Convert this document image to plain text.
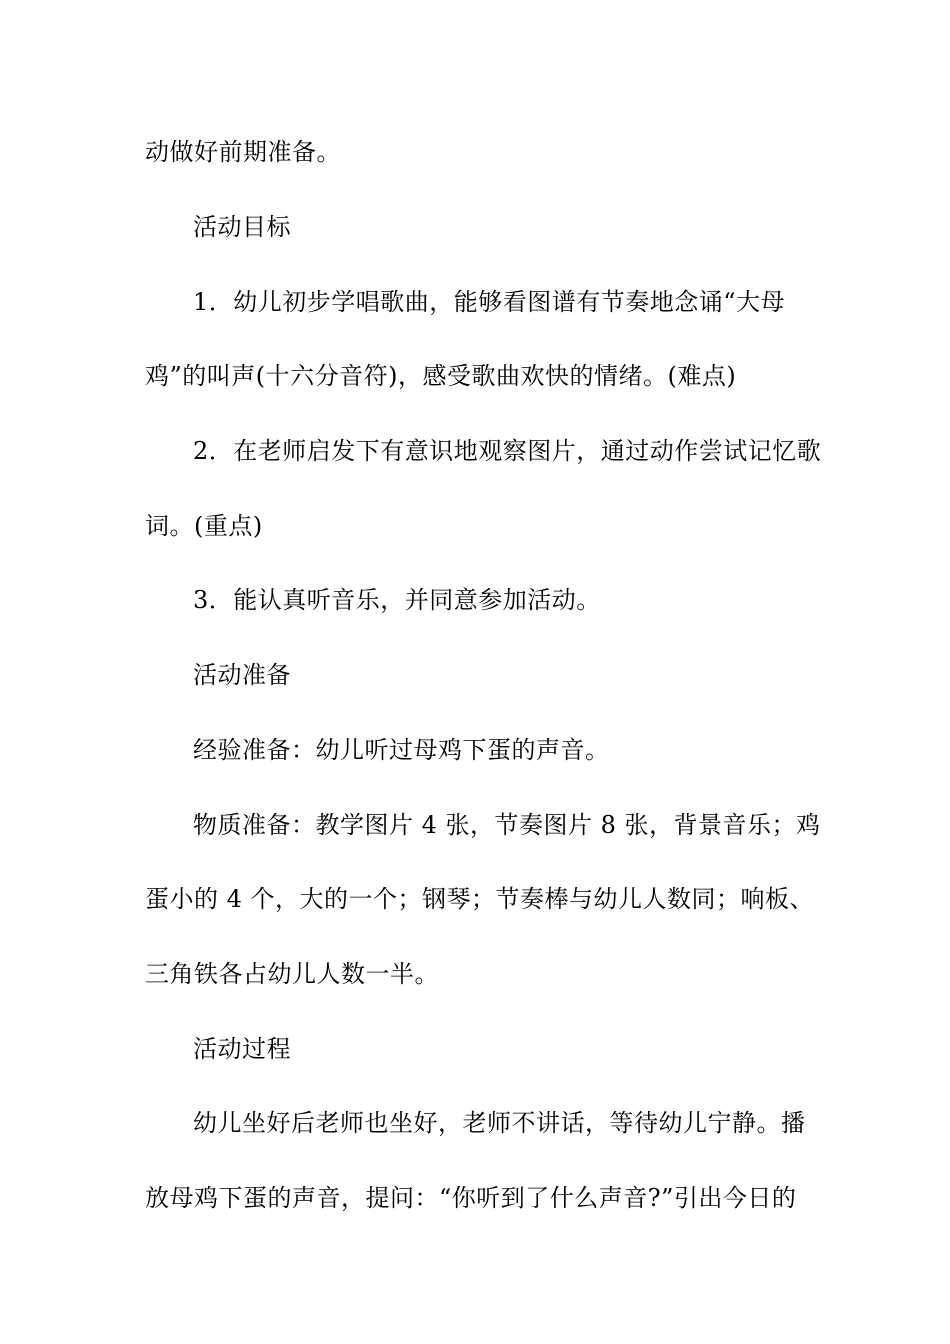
动做好前期准备。
活动目标
1．幼儿初步学唱歌曲，能够看图谱有节奏地念诵“大母
鸡”的叫声(十六分音符)，感受歌曲欢快的情绪。(难点)
2．在老师启发下有意识地观察图片，通过动作尝试记忆歌
词。(重点)
3．能认真听音乐，并同意参加活动。
活动准备
经验准备：幼儿听过母鸡下蛋的声音。
物质准备：教学图片 4 张，节奏图片 8 张，背景音乐；鸡
蛋小的 4 个，大的一个；钢琴；节奏棒与幼儿人数同；响板、
三角铁各占幼儿人数一半。
活动过程
幼儿坐好后老师也坐好，老师不讲话，等待幼儿宁静。播
放母鸡下蛋的声音，提问：“你听到了什么声音?”引出今日的
